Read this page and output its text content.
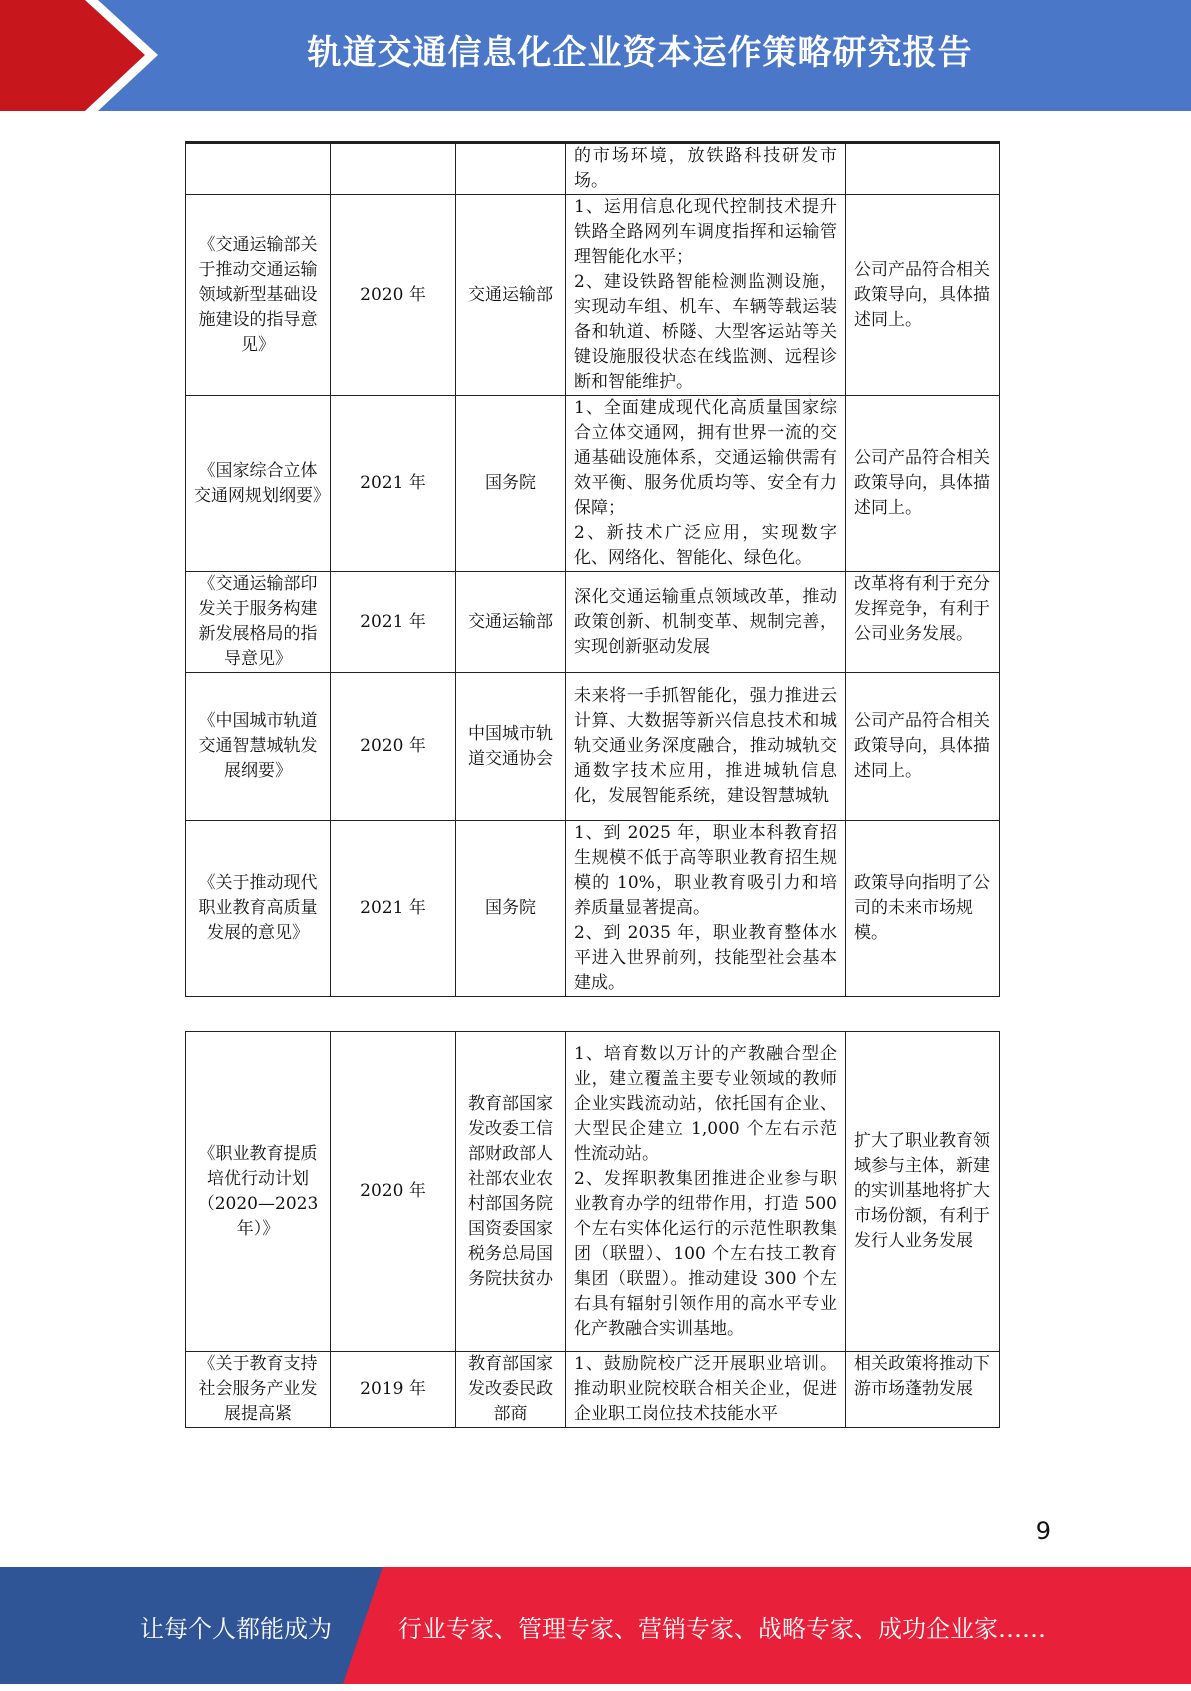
轨道交通信息化企业资本运作策略研究报告
			的市场环境，放铁路科技研发市场。	
《交通运输部关于推动交通运输领域新型基础设施建设的指导意见》	2020 年	交通运输部	1、运用信息化现代控制技术提升铁路全路网列车调度指挥和运输管理智能化水平；
2、建设铁路智能检测监测设施，实现动车组、机车、车辆等载运装备和轨道、桥隧、大型客运站等关键设施服役状态在线监测、远程诊断和智能维护。	公司产品符合相关政策导向，具体描述同上。
《国家综合立体交通网规划纲要》	2021 年	国务院	1、全面建成现代化高质量国家综合立体交通网，拥有世界一流的交通基础设施体系，交通运输供需有效平衡、服务优质均等、安全有力保障；
2、新技术广泛应用，实现数字化、网络化、智能化、绿色化。	公司产品符合相关政策导向，具体描述同上。
《交通运输部印发关于服务构建新发展格局的指导意见》	2021 年	交通运输部	深化交通运输重点领域改革，推动政策创新、机制变革、规制完善，实现创新驱动发展	改革将有利于充分发挥竞争，有利于公司业务发展。
《中国城市轨道交通智慧城轨发展纲要》	2020 年	中国城市轨道交通协会	未来将一手抓智能化，强力推进云计算、大数据等新兴信息技术和城轨交通业务深度融合，推动城轨交通数字技术应用，推进城轨信息化，发展智能系统，建设智慧城轨	公司产品符合相关政策导向，具体描述同上。
《关于推动现代职业教育高质量发展的意见》	2021 年	国务院	1、到 2025 年，职业本科教育招生规模不低于高等职业教育招生规模的 10%，职业教育吸引力和培养质量显著提高。
2、到 2035 年，职业教育整体水平进入世界前列，技能型社会基本建成。	政策导向指明了公司的未来市场规模。
《职业教育提质培优行动计划（2020—2023 年）》	2020 年	教育部国家发改委工信部财政部人社部农业农村部国务院国资委国家税务总局国务院扶贫办	1、培育数以万计的产教融合型企业，建立覆盖主要专业领域的教师企业实践流动站，依托国有企业、大型民企建立 1,000 个左右示范性流动站。
2、发挥职教集团推进企业参与职业教育办学的纽带作用，打造 500 个左右实体化运行的示范性职教集团（联盟）、100 个左右技工教育集团（联盟）。推动建设 300 个左右具有辐射引领作用的高水平专业化产教融合实训基地。	扩大了职业教育领域参与主体，新建的实训基地将扩大市场份额，有利于发行人业务发展
《关于教育支持社会服务产业发展提高紧	2019 年	教育部国家发改委民政部商	1、鼓励院校广泛开展职业培训。推动职业院校联合相关企业，促进企业职工岗位技术技能水平	相关政策将推动下游市场蓬勃发展
9
让每个人都能成为	行业专家、管理专家、营销专家、战略专家、成功企业家……
